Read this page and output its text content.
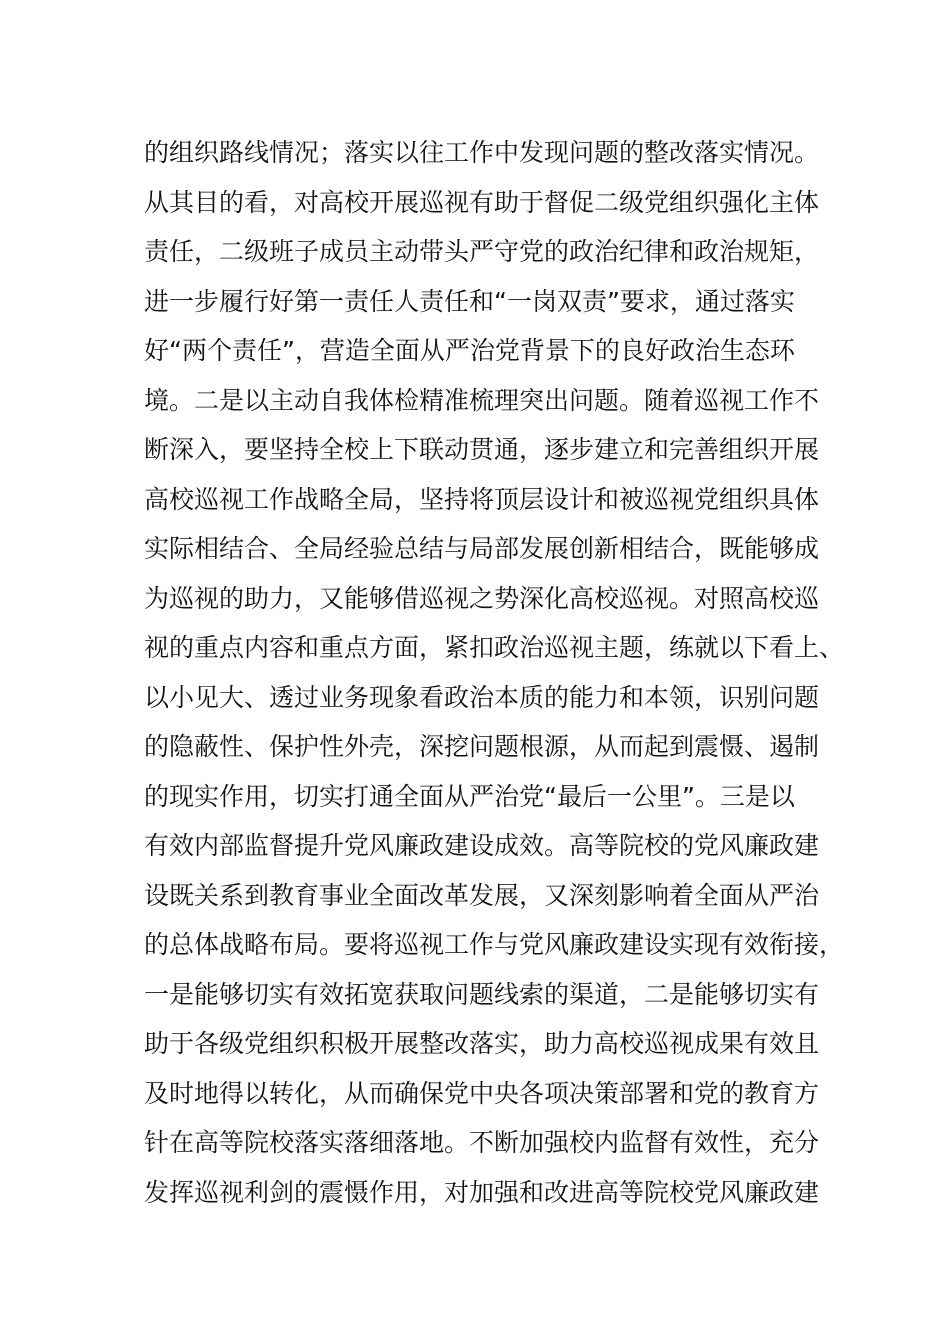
的组织路线情况；落实以往工作中发现问题的整改落实情况。
从其目的看，对高校开展巡视有助于督促二级党组织强化主体
责任，二级班子成员主动带头严守党的政治纪律和政治规矩，
进一步履行好第一责任人责任和“一岗双责”要求，通过落实
好“两个责任”，营造全面从严治党背景下的良好政治生态环
境。二是以主动自我体检精准梳理突出问题。随着巡视工作不
断深入，要坚持全校上下联动贯通，逐步建立和完善组织开展
高校巡视工作战略全局，坚持将顶层设计和被巡视党组织具体
实际相结合、全局经验总结与局部发展创新相结合，既能够成
为巡视的助力，又能够借巡视之势深化高校巡视。对照高校巡
视的重点内容和重点方面，紧扣政治巡视主题，练就以下看上、
以小见大、透过业务现象看政治本质的能力和本领，识别问题
的隐蔽性、保护性外壳，深挖问题根源，从而起到震慑、遏制
的现实作用，切实打通全面从严治党“最后一公里”。三是以
有效内部监督提升党风廉政建设成效。高等院校的党风廉政建
设既关系到教育事业全面改革发展，又深刻影响着全面从严治
的总体战略布局。要将巡视工作与党风廉政建设实现有效衔接，
一是能够切实有效拓宽获取问题线索的渠道，二是能够切实有
助于各级党组织积极开展整改落实，助力高校巡视成果有效且
及时地得以转化，从而确保党中央各项决策部署和党的教育方
针在高等院校落实落细落地。不断加强校内监督有效性，充分
发挥巡视利剑的震慑作用，对加强和改进高等院校党风廉政建
